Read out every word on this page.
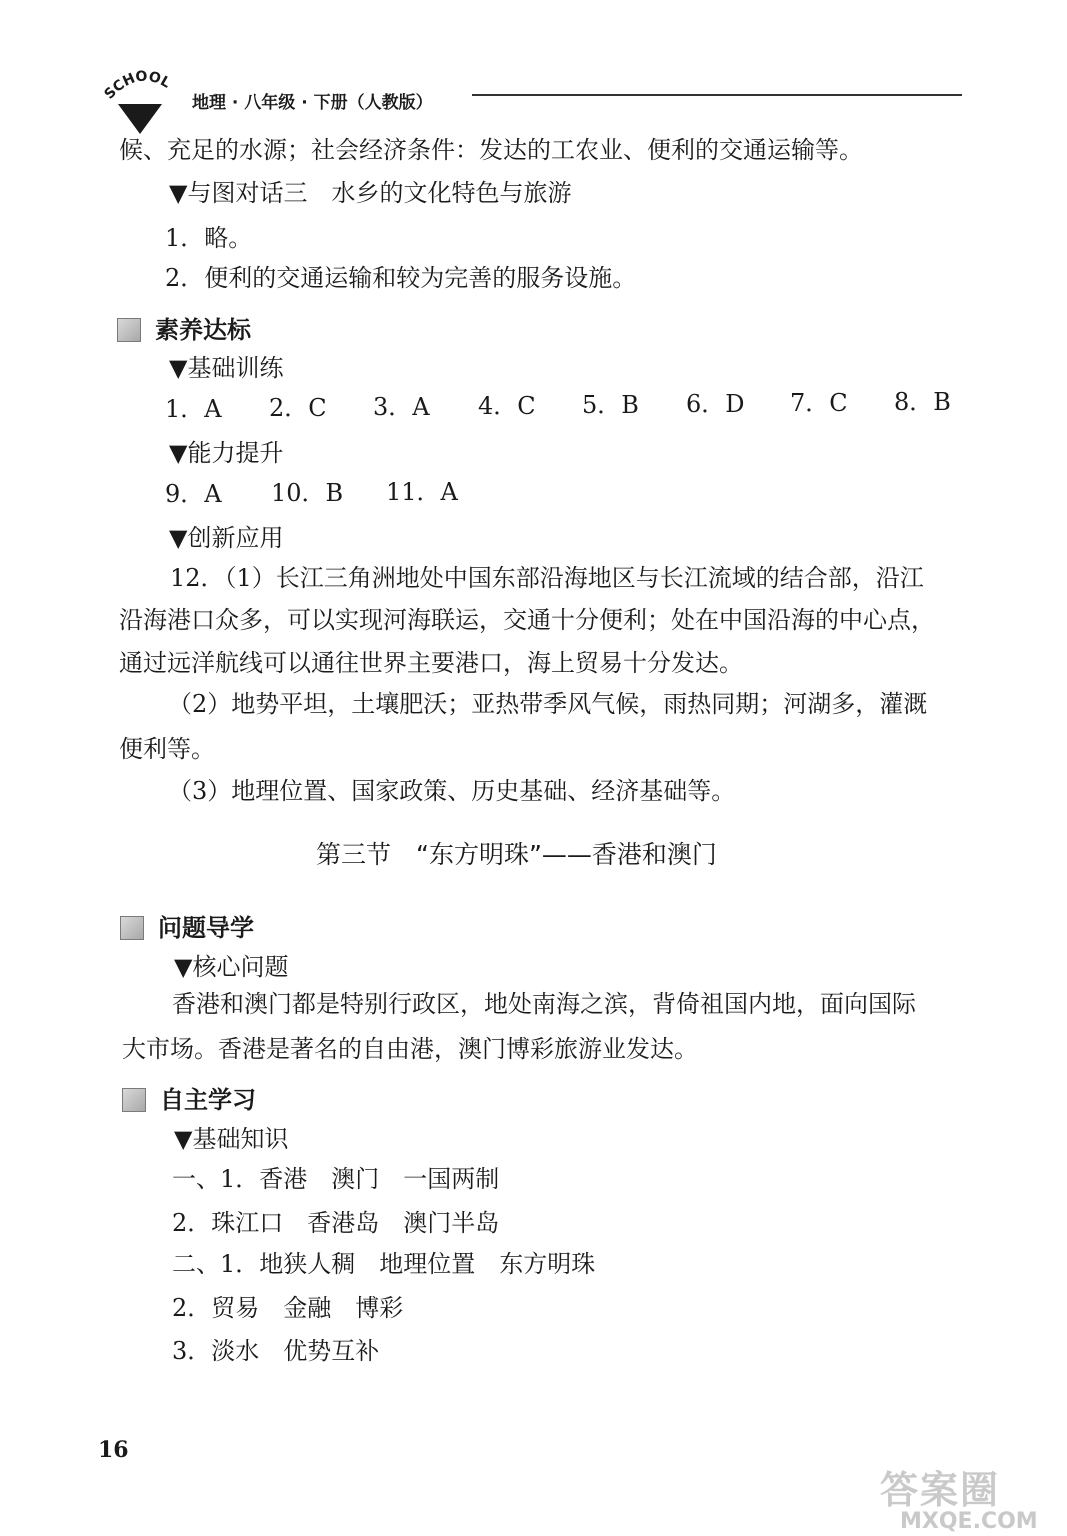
SCHOOL
地理 · 八年级 · 下册（人教版）
候、充足的水源；社会经济条件：发达的工农业、便利的交通运输等。
▼与图对话三　水乡的文化特色与旅游
1．略。
2．便利的交通运输和较为完善的服务设施。
素养达标
▼基础训练
1．A 2．C 3．A 4．C 5．B 6．D 7．C 8．B
▼能力提升
9．A 10．B 11．A
▼创新应用
12．（1）长江三角洲地处中国东部沿海地区与长江流域的结合部，沿江
沿海港口众多，可以实现河海联运，交通十分便利；处在中国沿海的中心点，
通过远洋航线可以通往世界主要港口，海上贸易十分发达。
（2）地势平坦，土壤肥沃；亚热带季风气候，雨热同期；河湖多，灌溉
便利等。
（3）地理位置、国家政策、历史基础、经济基础等。
第三节　“东方明珠”——香港和澳门
问题导学
▼核心问题
香港和澳门都是特别行政区，地处南海之滨，背倚祖国内地，面向国际
大市场。香港是著名的自由港，澳门博彩旅游业发达。
自主学习
▼基础知识
一、1．香港　澳门　一国两制
2．珠江口　香港岛　澳门半岛
二、1．地狭人稠　地理位置　东方明珠
2．贸易　金融　博彩
3．淡水　优势互补
16
答案圈
MXQE.COM
